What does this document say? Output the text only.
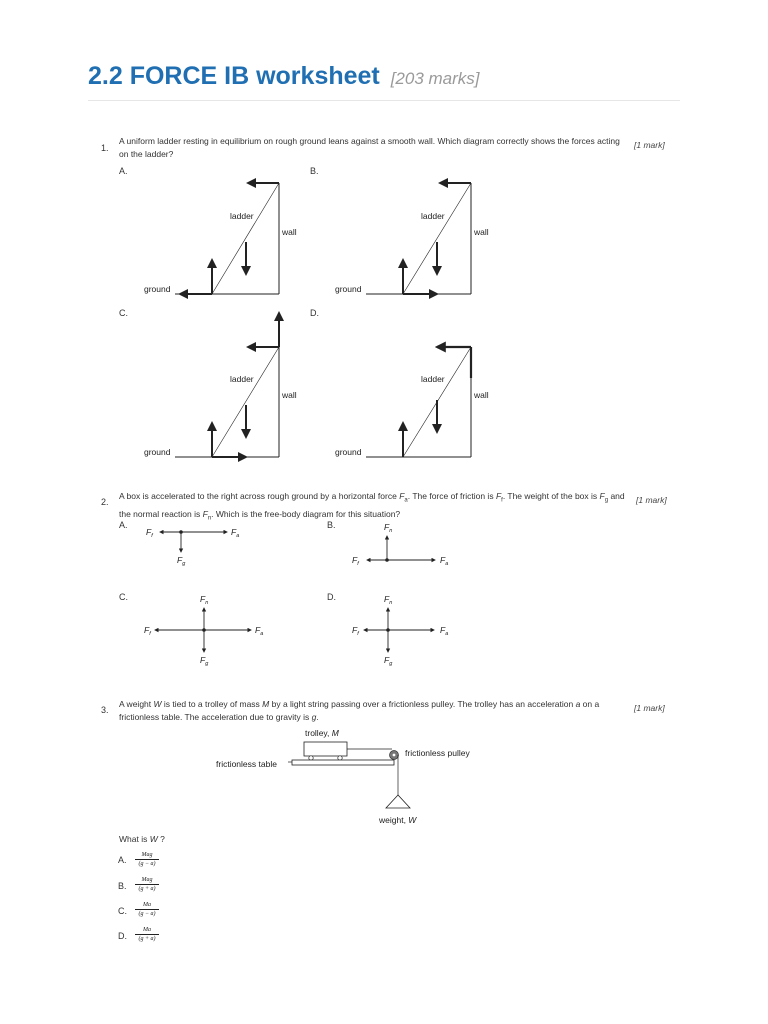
2.2 FORCE IB worksheet [203 marks]
1.
A uniform ladder resting in equilibrium on rough ground leans against a smooth wall. Which diagram correctly shows the forces acting on the ladder?
[1 mark]
A.	B.
C.	D.
ladder
wall
ground
ladder
wall
ground
ladder
wall
ground
ladder
wall
ground
2.
A box is accelerated to the right across rough ground by a horizontal force $F_a$. The force of friction is $F_f$. The weight of the box is $F_g$ and the normal reaction is $F_n$. Which is the free-body diagram for this situation?
[1 mark]
A.	B.
C.	D.
$F_f$	$F_a$
$F_g$
$F_n$
$F_f$	$F_a$
$F_n$
$F_f$	$F_a$
$F_g$
$F_n$
$F_f$	$F_a$
$F_g$
3.
A weight W is tied to a trolley of mass M by a light string passing over a frictionless pulley. The trolley has an acceleration a on a frictionless table. The acceleration due to gravity is g.
[1 mark]
trolley, M
frictionless pulley
frictionless table
weight, W
What is W ?
A.	Mag
(g − a)
B.
Mag
(g + a)
C. $\frac{Ma}{(g - a)}$
D. $\frac{Ma}{(g + a)}$
